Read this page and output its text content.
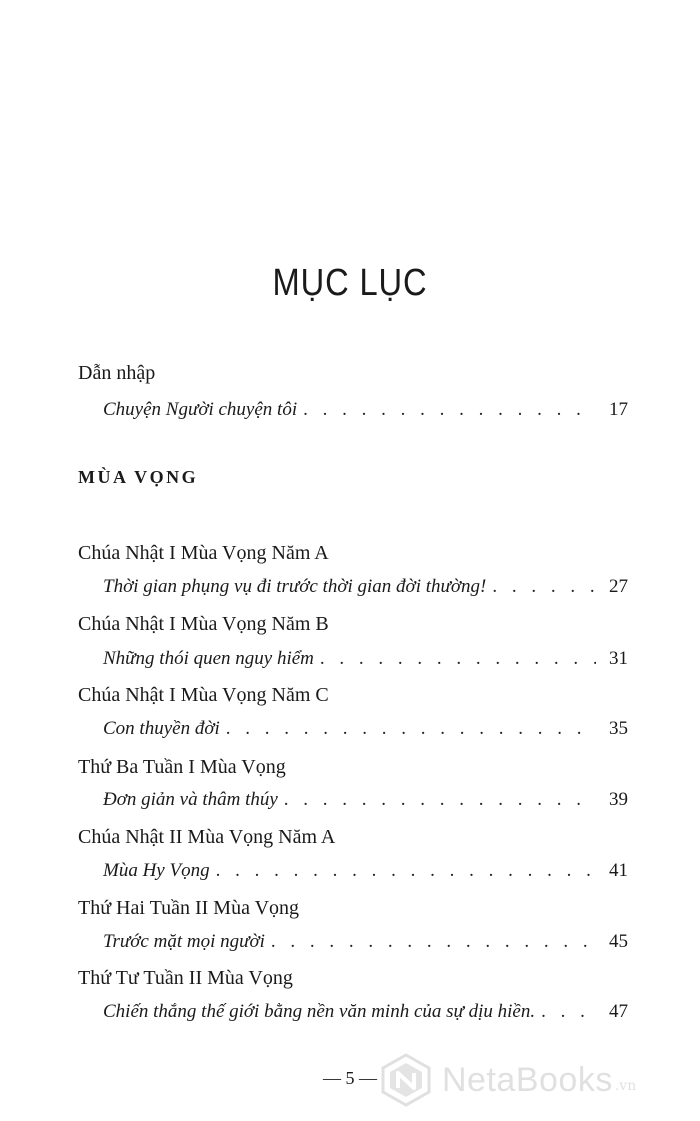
MỤC LỤC
Dẫn nhập
Chuyện Người chuyện tôi . . .	17
MÙA VỌNG
Chúa Nhật I Mùa Vọng Năm A
Thời gian phụng vụ đi trước thời gian đời thường! . . .	27
Chúa Nhật I Mùa Vọng Năm B
Những thói quen nguy hiểm . . .	31
Chúa Nhật I Mùa Vọng Năm C
Con thuyền đời . . .	35
Thứ Ba Tuần I Mùa Vọng
Đơn giản và thâm thúy . . .	39
Chúa Nhật II Mùa Vọng Năm A
Mùa Hy Vọng . . .	41
Thứ Hai Tuần II Mùa Vọng
Trước mặt mọi người . . .	45
Thứ Tư Tuần II Mùa Vọng
Chiến thắng thế giới bằng nền văn minh của sự dịu hiền. . . .	47
— 5 —	NetaBooks .vn
